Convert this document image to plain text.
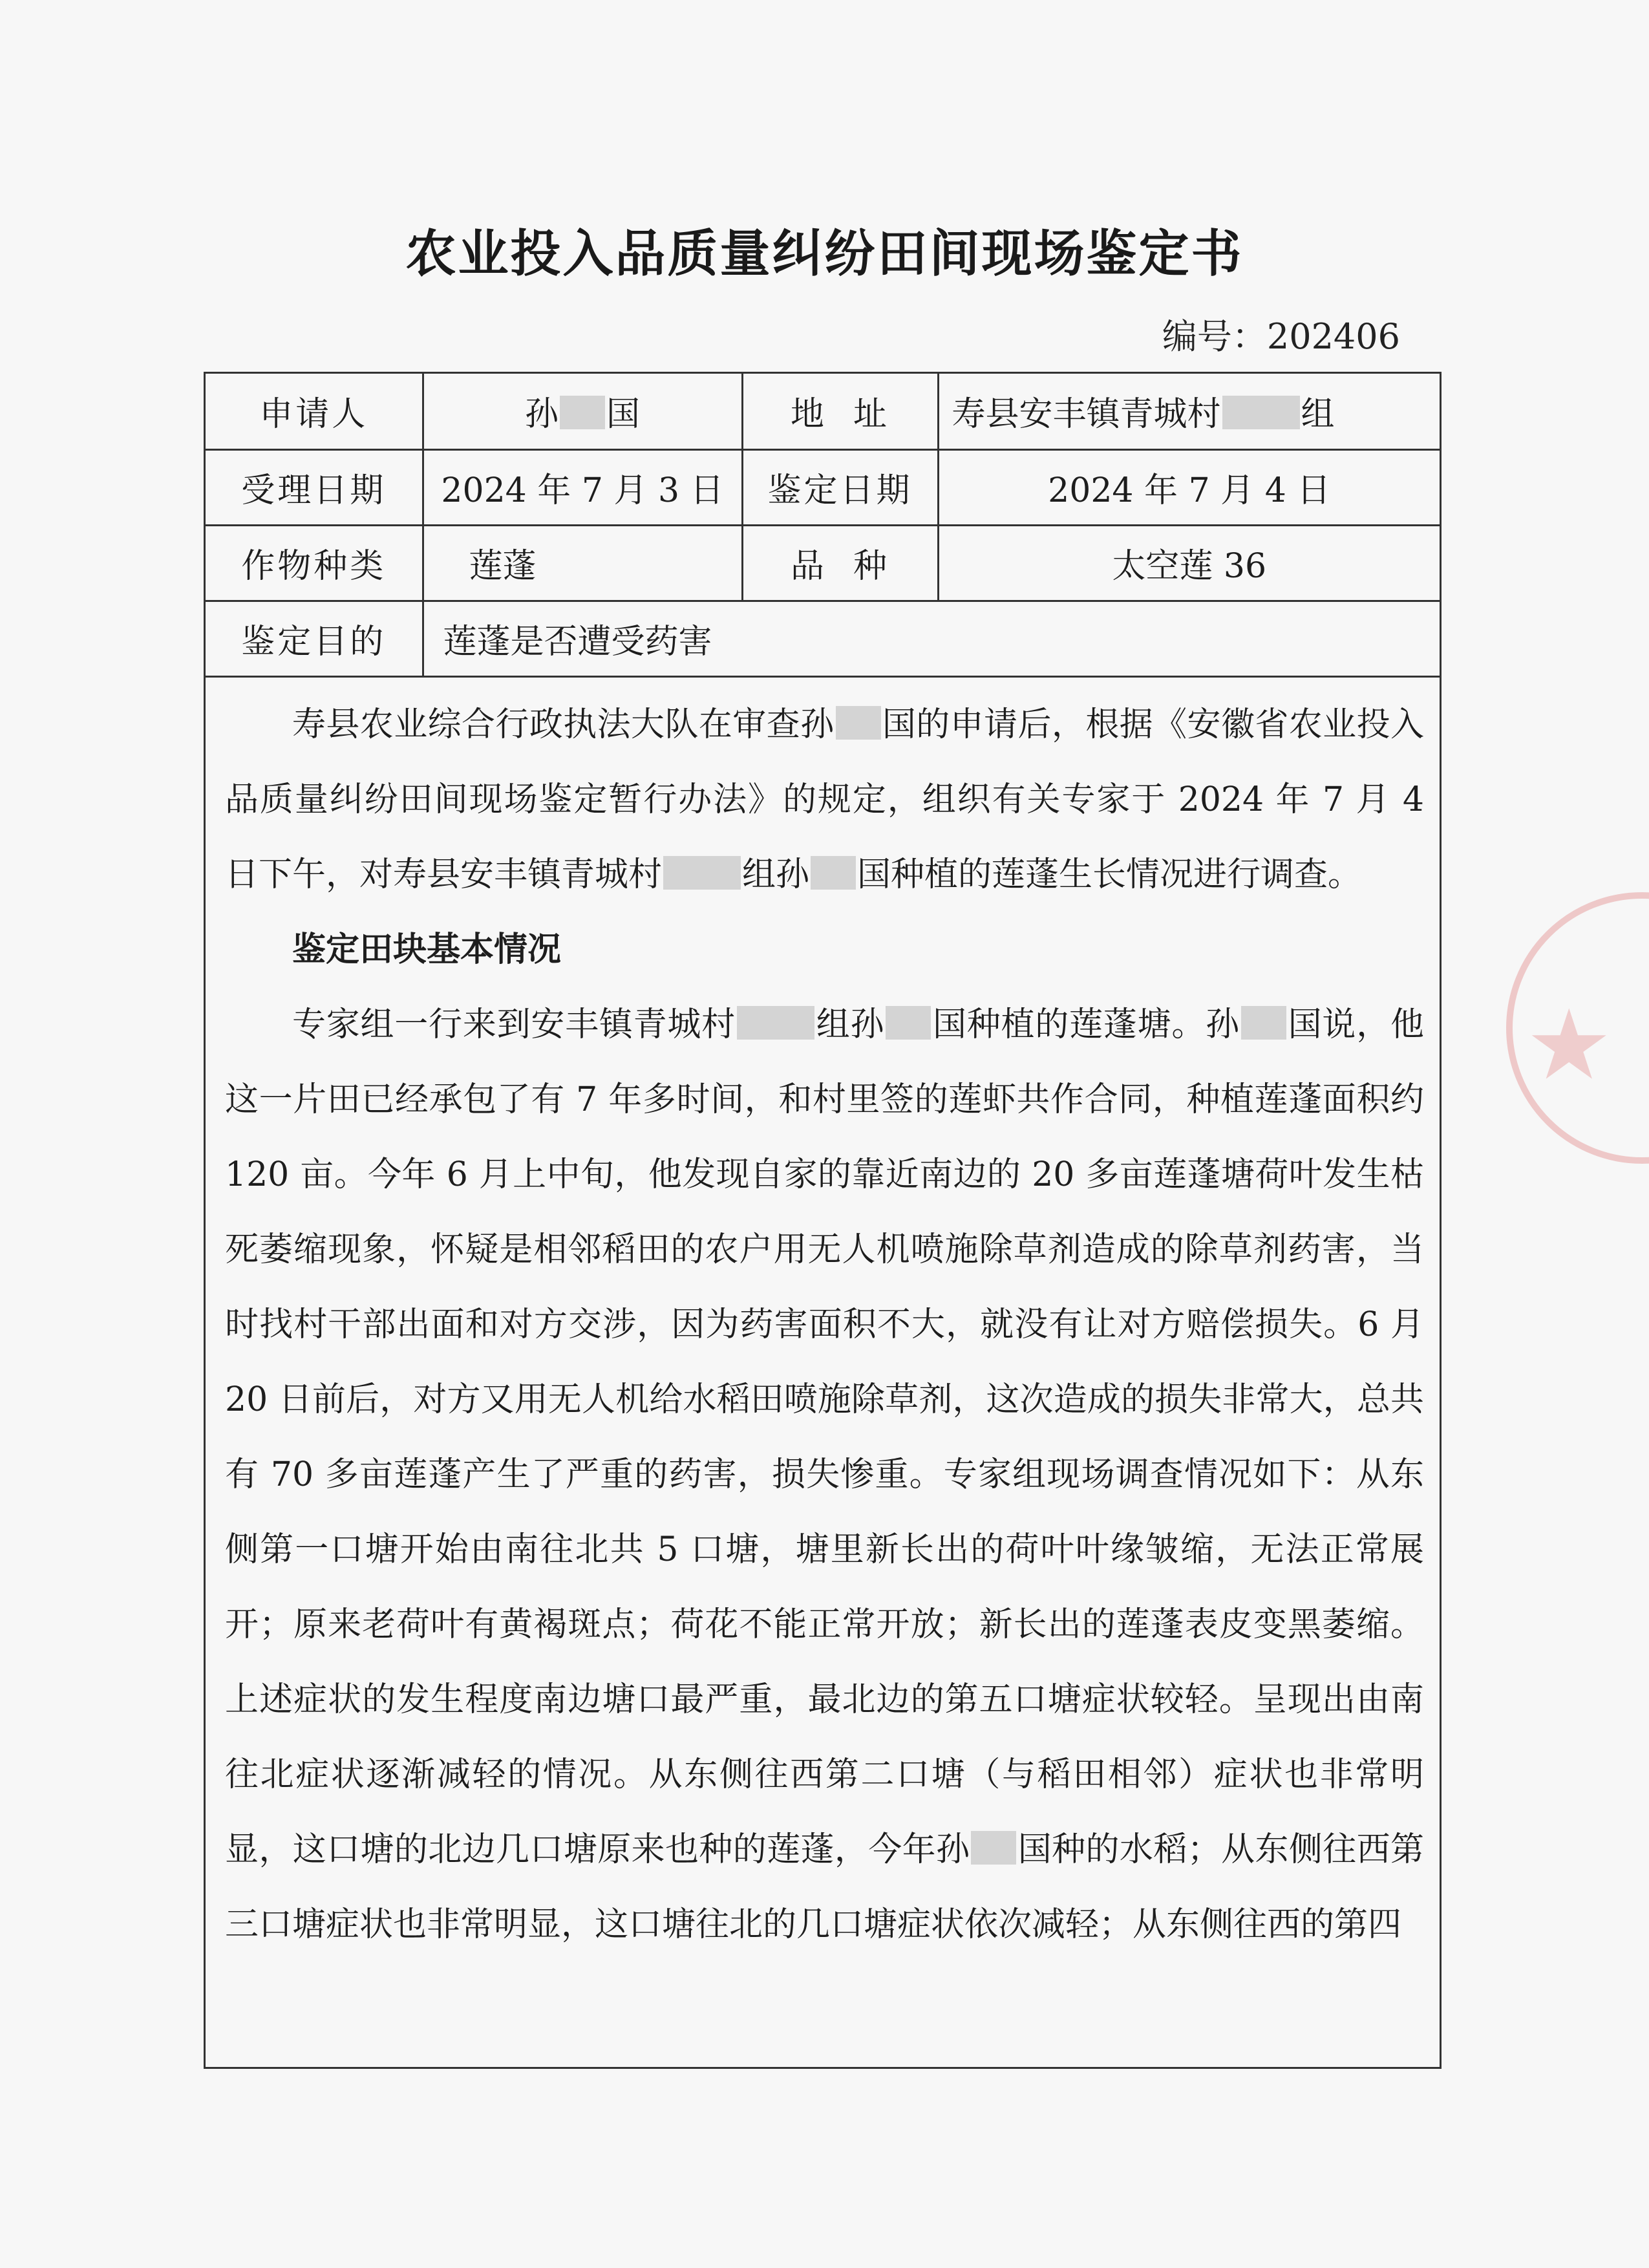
农业投入品质量纠纷田间现场鉴定书
编号：202406
★
申请人	孙 国	地  址	寿县安丰镇青城村 组
受理日期	2024 年 7 月 3 日	鉴定日期	2024 年 7 月 4 日
作物种类	莲蓬	品  种	太空莲 36
鉴定目的	莲蓬是否遭受药害		

寿县农业综合行政执法大队在审查孙 国的申请后，根据《安徽省农业投入品质量纠纷田间现场鉴定暂行办法》的规定，组织有关专家于 2024 年 7 月 4 日下午，对寿县安丰镇青城村 组孙 国种植的莲蓬生长情况进行调查。

鉴定田块基本情况

专家组一行来到安丰镇青城村 组孙 国种植的莲蓬塘。孙 国说，他这一片田已经承包了有 7 年多时间，和村里签的莲虾共作合同，种植莲蓬面积约 120 亩。今年 6 月上中旬，他发现自家的靠近南边的 20 多亩莲蓬塘荷叶发生枯死萎缩现象，怀疑是相邻稻田的农户用无人机喷施除草剂造成的除草剂药害，当时找村干部出面和对方交涉，因为药害面积不大，就没有让对方赔偿损失。6 月 20 日前后，对方又用无人机给水稻田喷施除草剂，这次造成的损失非常大，总共有 70 多亩莲蓬产生了严重的药害，损失惨重。专家组现场调查情况如下：从东侧第一口塘开始由南往北共 5 口塘，塘里新长出的荷叶叶缘皱缩，无法正常展开；原来老荷叶有黄褐斑点；荷花不能正常开放；新长出的莲蓬表皮变黑萎缩。上述症状的发生程度南边塘口最严重，最北边的第五口塘症状较轻。呈现出由南往北症状逐渐减轻的情况。从东侧往西第二口塘（与稻田相邻）症状也非常明显，这口塘的北边几口塘原来也种的莲蓬，今年孙 国种的水稻；从东侧往西第三口塘症状也非常明显，这口塘往北的几口塘症状依次减轻；从东侧往西的第四
